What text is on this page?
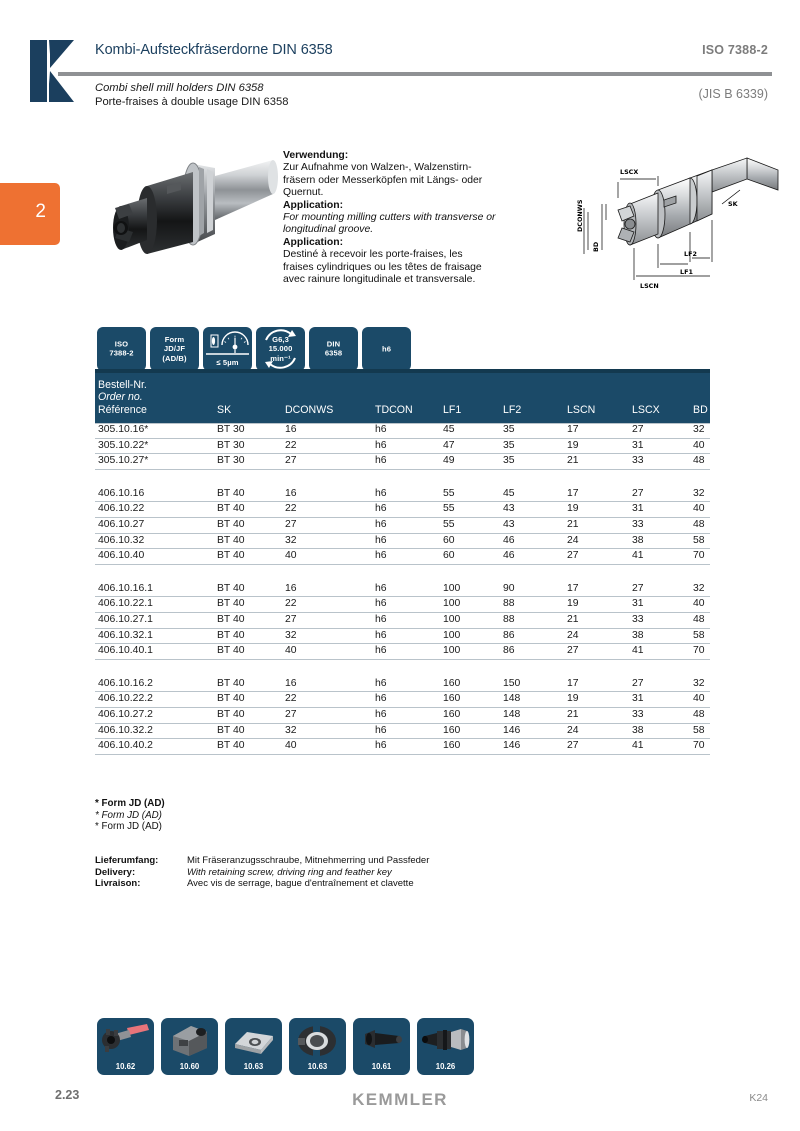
Kombi-Aufsteckfräserdorne DIN 6358	ISO 7388-2
Combi shell mill holders DIN 6358
Porte-fraises à double usage DIN 6358
(JIS B 6339)
2
Verwendung:
Zur Aufnahme von Walzen-, Walzenstirn-
fräsern oder Messerköpfen mit Längs- oder
Quernut.
Application:
For mounting milling cutters with transverse or
longitudinal groove.
Application:
Destiné à recevoir les porte-fraises, les
fraises cylindriques ou les têtes de fraisage
avec rainure longitudinale et transversale.
LSCX
DCONWS
BD
LSCN
LF2
LF1
SK
ISO
7388-2
Form
JD/JF
(AD/B)	≤ 5µm
G6,3
15.000
min⁻¹
DIN
6358
h6
Bestell-Nr.
Order no.
Référence	SK	DCONWS	TDCON	LF1	LF2	LSCN	LSCX	BD
305.10.16*	BT 30	16	h6	45	35	17	27	32
305.10.22*	BT 30	22	h6	47	35	19	31	40
305.10.27*	BT 30	27	h6	49	35	21	33	48
406.10.16	BT 40	16	h6	55	45	17	27	32
406.10.22	BT 40	22	h6	55	43	19	31	40
406.10.27	BT 40	27	h6	55	43	21	33	48
406.10.32	BT 40	32	h6	60	46	24	38	58
406.10.40	BT 40	40	h6	60	46	27	41	70
406.10.16.1	BT 40	16	h6	100	90	17	27	32
406.10.22.1	BT 40	22	h6	100	88	19	31	40
406.10.27.1	BT 40	27	h6	100	88	21	33	48
406.10.32.1	BT 40	32	h6	100	86	24	38	58
406.10.40.1	BT 40	40	h6	100	86	27	41	70
406.10.16.2	BT 40	16	h6	160	150	17	27	32
406.10.22.2	BT 40	22	h6	160	148	19	31	40
406.10.27.2	BT 40	27	h6	160	148	21	33	48
406.10.32.2	BT 40	32	h6	160	146	24	38	58
406.10.40.2	BT 40	40	h6	160	146	27	41	70
* Form JD (AD)
* Form JD (AD)
* Form JD (AD)
Lieferumfang:	Mit Fräseranzugsschraube, Mitnehmerring und Passfeder
Delivery:	With retaining screw, driving ring and feather key
Livraison:	Avec vis de serrage, bague d'entraînement et clavette
10.62	10.60	10.63	10.63	10.61	10.26
2.23	KEMMLER	K24
